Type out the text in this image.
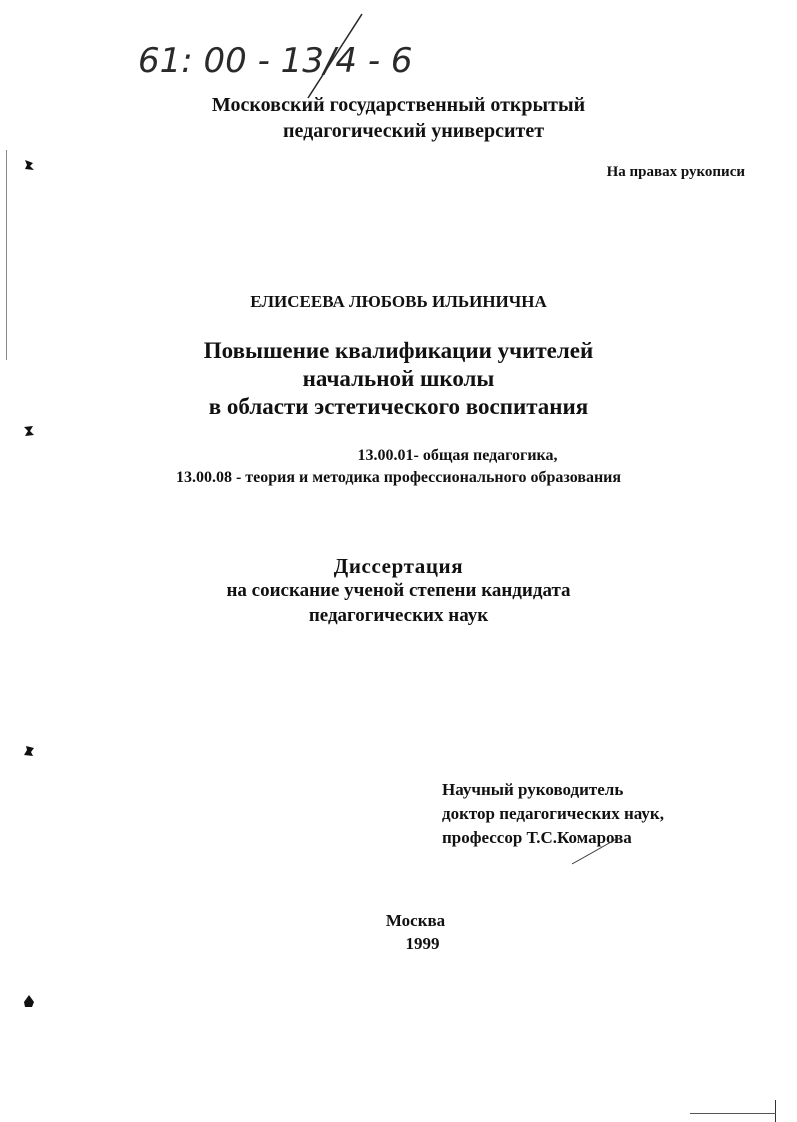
61: 00 - 13/4 - 6
Московский государственный открытый
педагогический университет
На правах рукописи
ЕЛИСЕЕВА ЛЮБОВЬ ИЛЬИНИЧНА
Повышение квалификации учителей
начальной школы
в области эстетического воспитания
13.00.01- общая педагогика,
13.00.08 - теория и методика профессионального образования
Диссертация
на соискание ученой степени кандидата
педагогических наук
Научный руководитель
доктор педагогических наук,
профессор Т.С.Комарова
Москва
1999
